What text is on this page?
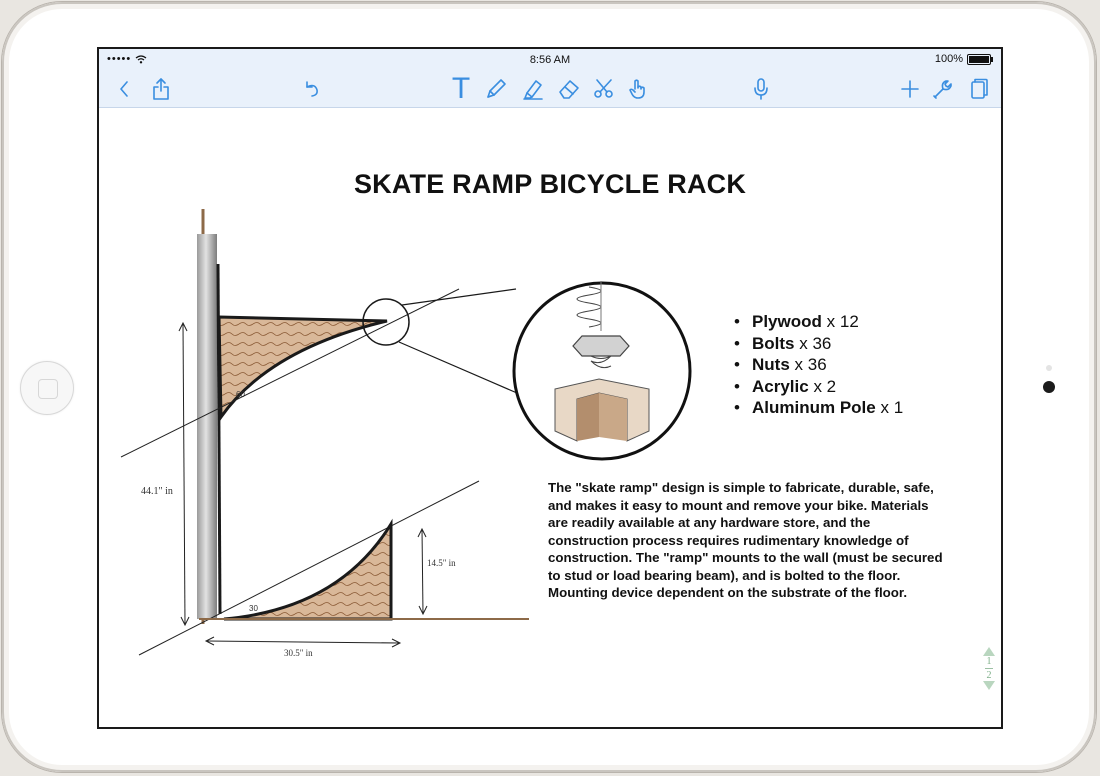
•••••	8:56 AM	100%
T
SKATE RAMP BICYCLE RACK
60
30
44.1" in
30.5" in
14.5" in
• Plywood x 12
• Bolts x 36
• Nuts x 36
• Acrylic x 2
• Aluminum Pole x 1
The "skate ramp" design is simple to fabricate, durable, safe, and makes it easy to mount and remove your bike. Materials are readily available at any hardware store, and the construction process requires rudimentary knowledge of construction. The "ramp" mounts to the wall (must be secured to stud or load bearing beam), and is bolted to the floor. Mounting device dependent on the substrate of the floor.
1
2
